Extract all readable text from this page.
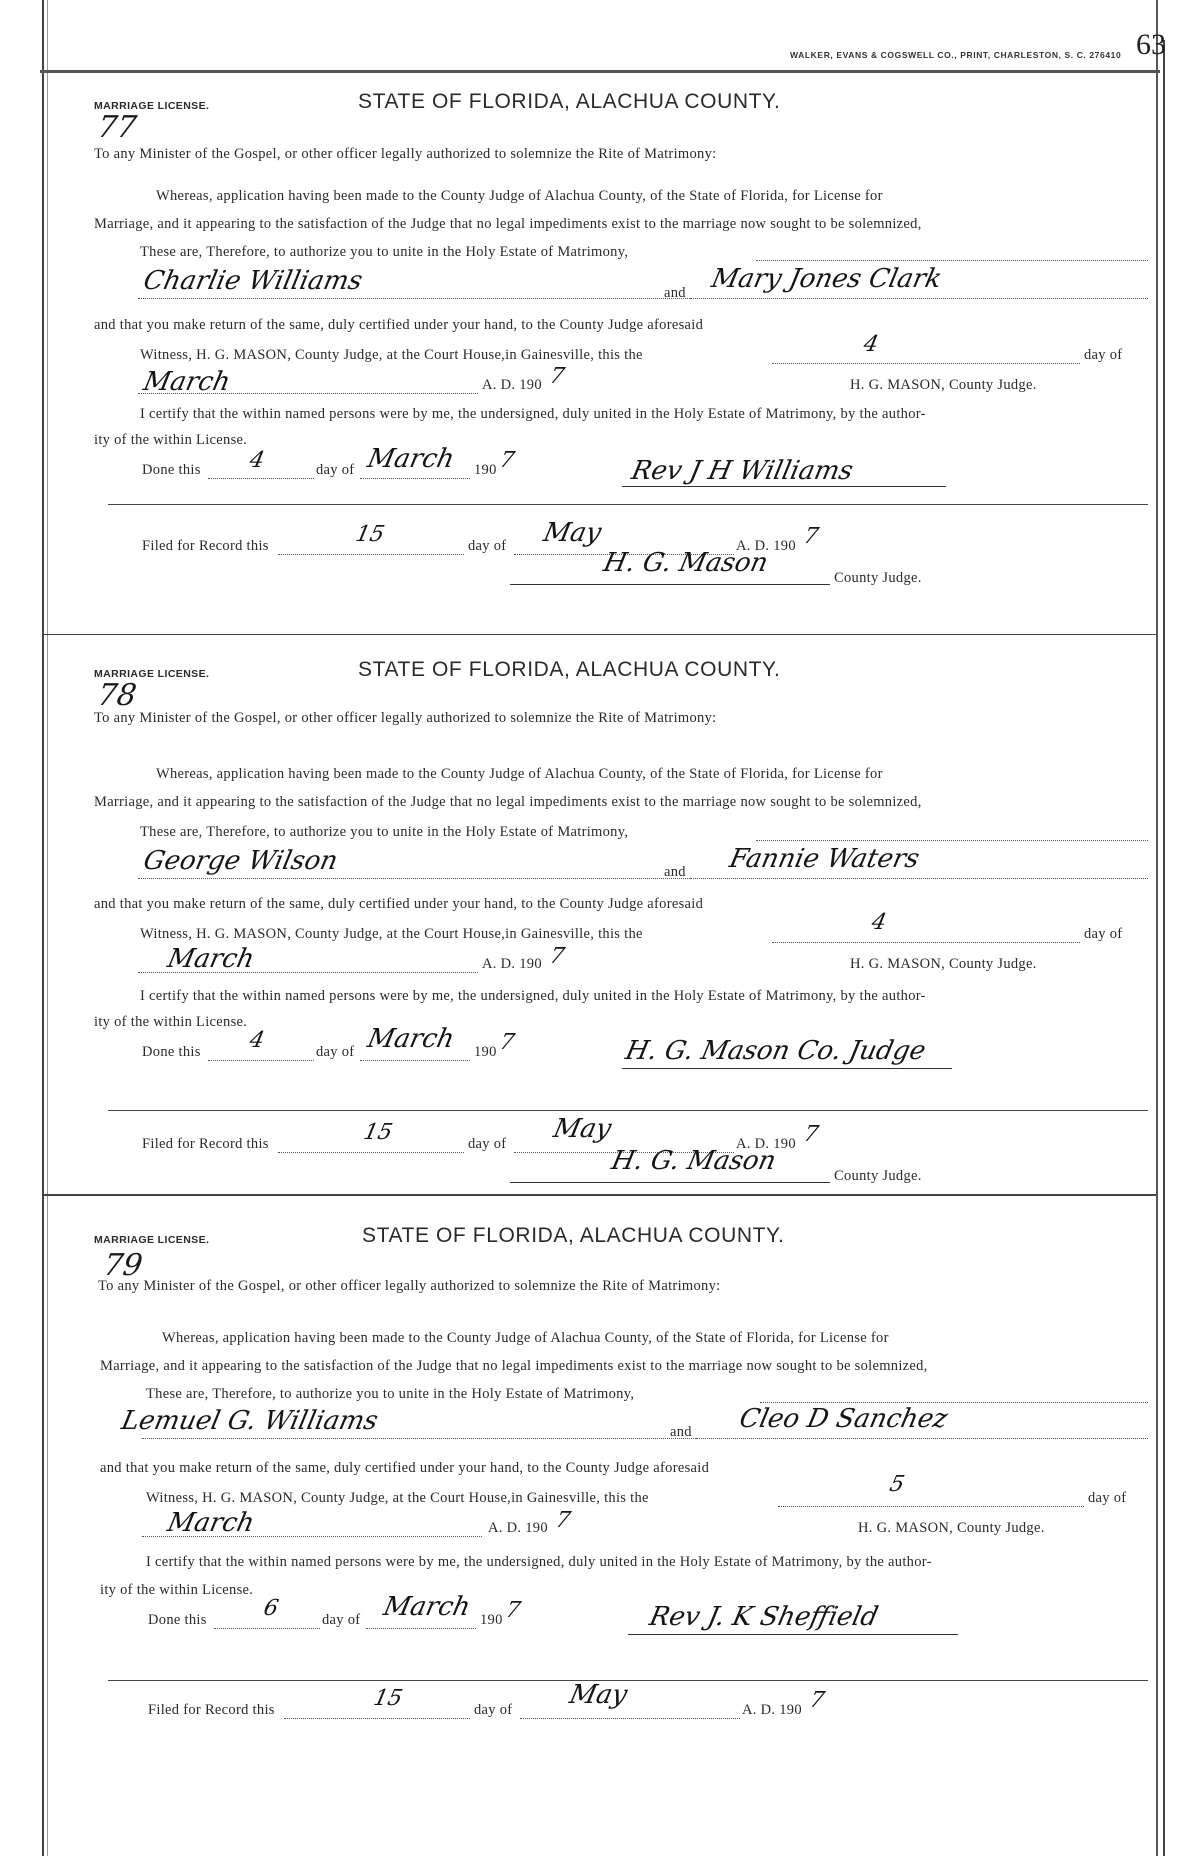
WALKER, EVANS & COGSWELL CO., PRINT, CHARLESTON, S. C. 276410 63
MARRIAGE LICENSE.	STATE OF FLORIDA, ALACHUA COUNTY.
77
To any Minister of the Gospel, or other officer legally authorized to solemnize the Rite of Matrimony:
Whereas, application having been made to the County Judge of Alachua County, of the State of Florida, for License for
Marriage, and it appearing to the satisfaction of the Judge that no legal impediments exist to the marriage now sought to be solemnized,
These are, Therefore, to authorize you to unite in the Holy Estate of Matrimony,
Charlie Williams	and Mary Jones Clark
and that you make return of the same, duly certified under your hand, to the County Judge aforesaid
Witness, H. G. MASON, County Judge, at the Court House,in Gainesville, this the	4	day of
March	A. D. 190 7	H. G. MASON, County Judge.
I certify that the within named persons were by me, the undersigned, duly united in the Holy Estate of Matrimony, by the author-
ity of the within License.
Done this 4	day of March 190 7	Rev J H Williams
Filed for Record this	15	day of May	A. D. 190 7
H. G. Mason	County Judge.
MARRIAGE LICENSE.	STATE OF FLORIDA, ALACHUA COUNTY.
78
To any Minister of the Gospel, or other officer legally authorized to solemnize the Rite of Matrimony:
Whereas, application having been made to the County Judge of Alachua County, of the State of Florida, for License for
Marriage, and it appearing to the satisfaction of the Judge that no legal impediments exist to the marriage now sought to be solemnized,
These are, Therefore, to authorize you to unite in the Holy Estate of Matrimony,
George Wilson	and Fannie Waters
and that you make return of the same, duly certified under your hand, to the County Judge aforesaid
Witness, H. G. MASON, County Judge, at the Court House,in Gainesville, this the	4	day of
March	A. D. 190 7	H. G. MASON, County Judge.
I certify that the within named persons were by me, the undersigned, duly united in the Holy Estate of Matrimony, by the author-
ity of the within License.
Done this 4	day of March 190 7	H. G. Mason Co. Judge
Filed for Record this	15	day of May	A. D. 190 7
H. G. Mason	County Judge.
MARRIAGE LICENSE.	STATE OF FLORIDA, ALACHUA COUNTY.
79
To any Minister of the Gospel, or other officer legally authorized to solemnize the Rite of Matrimony:
Whereas, application having been made to the County Judge of Alachua County, of the State of Florida, for License for
Marriage, and it appearing to the satisfaction of the Judge that no legal impediments exist to the marriage now sought to be solemnized,
These are, Therefore, to authorize you to unite in the Holy Estate of Matrimony,
Lemuel G. Williams	and Cleo D Sanchez
and that you make return of the same, duly certified under your hand, to the County Judge aforesaid
Witness, H. G. MASON, County Judge, at the Court House,in Gainesville, this the
5
day of
March	A. D. 190 7	H. G. MASON, County Judge.
I certify that the within named persons were by me, the undersigned, duly united in the Holy Estate of Matrimony, by the author-
ity of the within License.
Done this 6	day of March 190 7	Rev J. K Sheffield
Filed for Record this	15	day of May	A. D. 190 7
